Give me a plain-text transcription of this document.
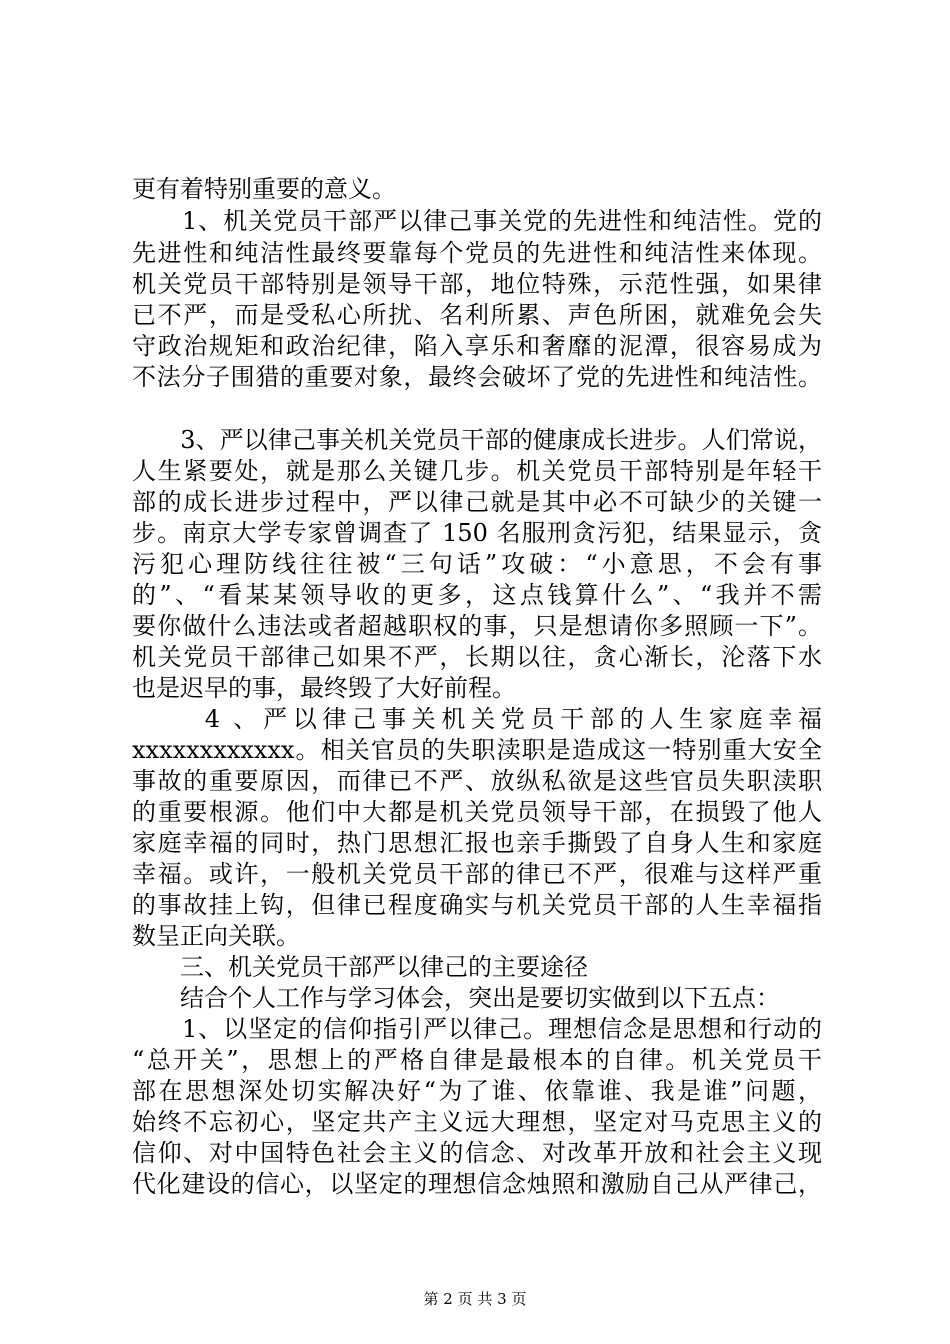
更有着特别重要的意义。
　　1、机关党员干部严以律己事关党的先进性和纯洁性。党的
先进性和纯洁性最终要靠每个党员的先进性和纯洁性来体现。
机关党员干部特别是领导干部，地位特殊，示范性强，如果律
已不严，而是受私心所扰、名利所累、声色所困，就难免会失
守政治规矩和政治纪律，陷入享乐和奢靡的泥潭，很容易成为
不法分子围猎的重要对象，最终会破坏了党的先进性和纯洁性。
　　3、严以律己事关机关党员干部的健康成长进步。人们常说，
人生紧要处，就是那么关键几步。机关党员干部特别是年轻干
部的成长进步过程中，严以律己就是其中必不可缺少的关键一
步。南京大学专家曾调查了 150 名服刑贪污犯，结果显示，贪
污犯心理防线往往被“三句话”攻破：“小意思，不会有事
的”、“看某某领导收的更多，这点钱算什么”、“我并不需
要你做什么违法或者超越职权的事，只是想请你多照顾一下”。
机关党员干部律己如果不严，长期以往，贪心渐长，沦落下水
也是迟早的事，最终毁了大好前程。
　　 4 、严以律己事关机关党员干部的人生家庭幸福
xxxxxxxxxxxx。相关官员的失职渎职是造成这一特别重大安全
事故的重要原因，而律已不严、放纵私欲是这些官员失职渎职
的重要根源。他们中大都是机关党员领导干部，在损毁了他人
家庭幸福的同时，热门思想汇报也亲手撕毁了自身人生和家庭
幸福。或许，一般机关党员干部的律已不严，很难与这样严重
的事故挂上钩，但律已程度确实与机关党员干部的人生幸福指
数呈正向关联。
　　三、机关党员干部严以律己的主要途径
　　结合个人工作与学习体会，突出是要切实做到以下五点：
　　1、以坚定的信仰指引严以律己。理想信念是思想和行动的
“总开关”，思想上的严格自律是最根本的自律。机关党员干
部在思想深处切实解决好“为了谁、依靠谁、我是谁”问题，
始终不忘初心，坚定共产主义远大理想，坚定对马克思主义的
信仰、对中国特色社会主义的信念、对改革开放和社会主义现
代化建设的信心，以坚定的理想信念烛照和激励自己从严律己，
第 2 页 共 3 页
